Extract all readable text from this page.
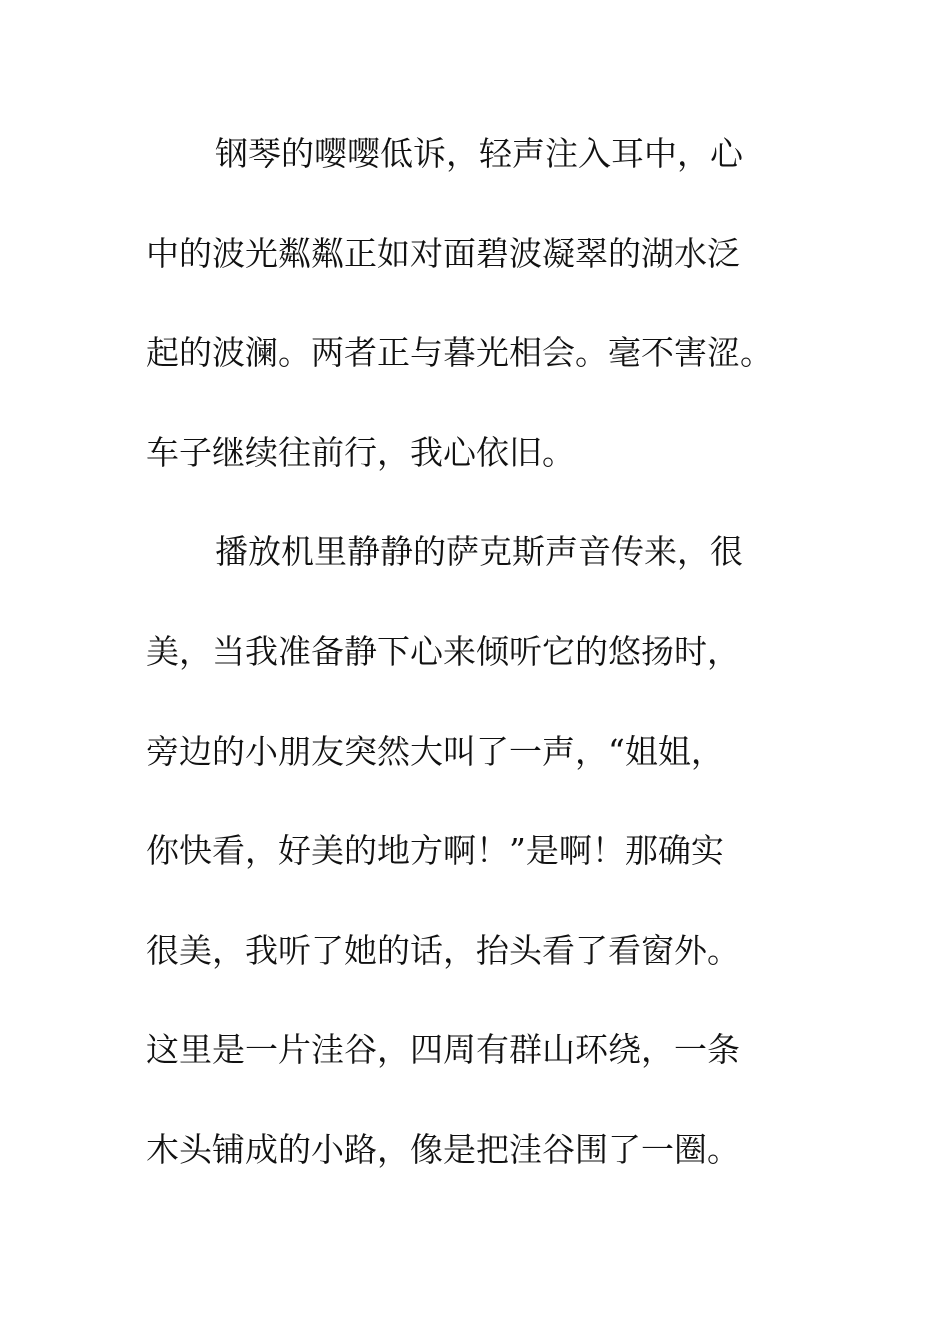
钢琴的嘤嘤低诉，轻声注入耳中，心
中的波光粼粼正如对面碧波凝翠的湖水泛
起的波澜。两者正与暮光相会。毫不害涩。
车子继续往前行，我心依旧。
播放机里静静的萨克斯声音传来，很
美，当我准备静下心来倾听它的悠扬时，
旁边的小朋友突然大叫了一声，“姐姐，
你快看，好美的地方啊！”是啊！那确实
很美，我听了她的话，抬头看了看窗外。
这里是一片洼谷，四周有群山环绕，一条
木头铺成的小路，像是把洼谷围了一圈。
